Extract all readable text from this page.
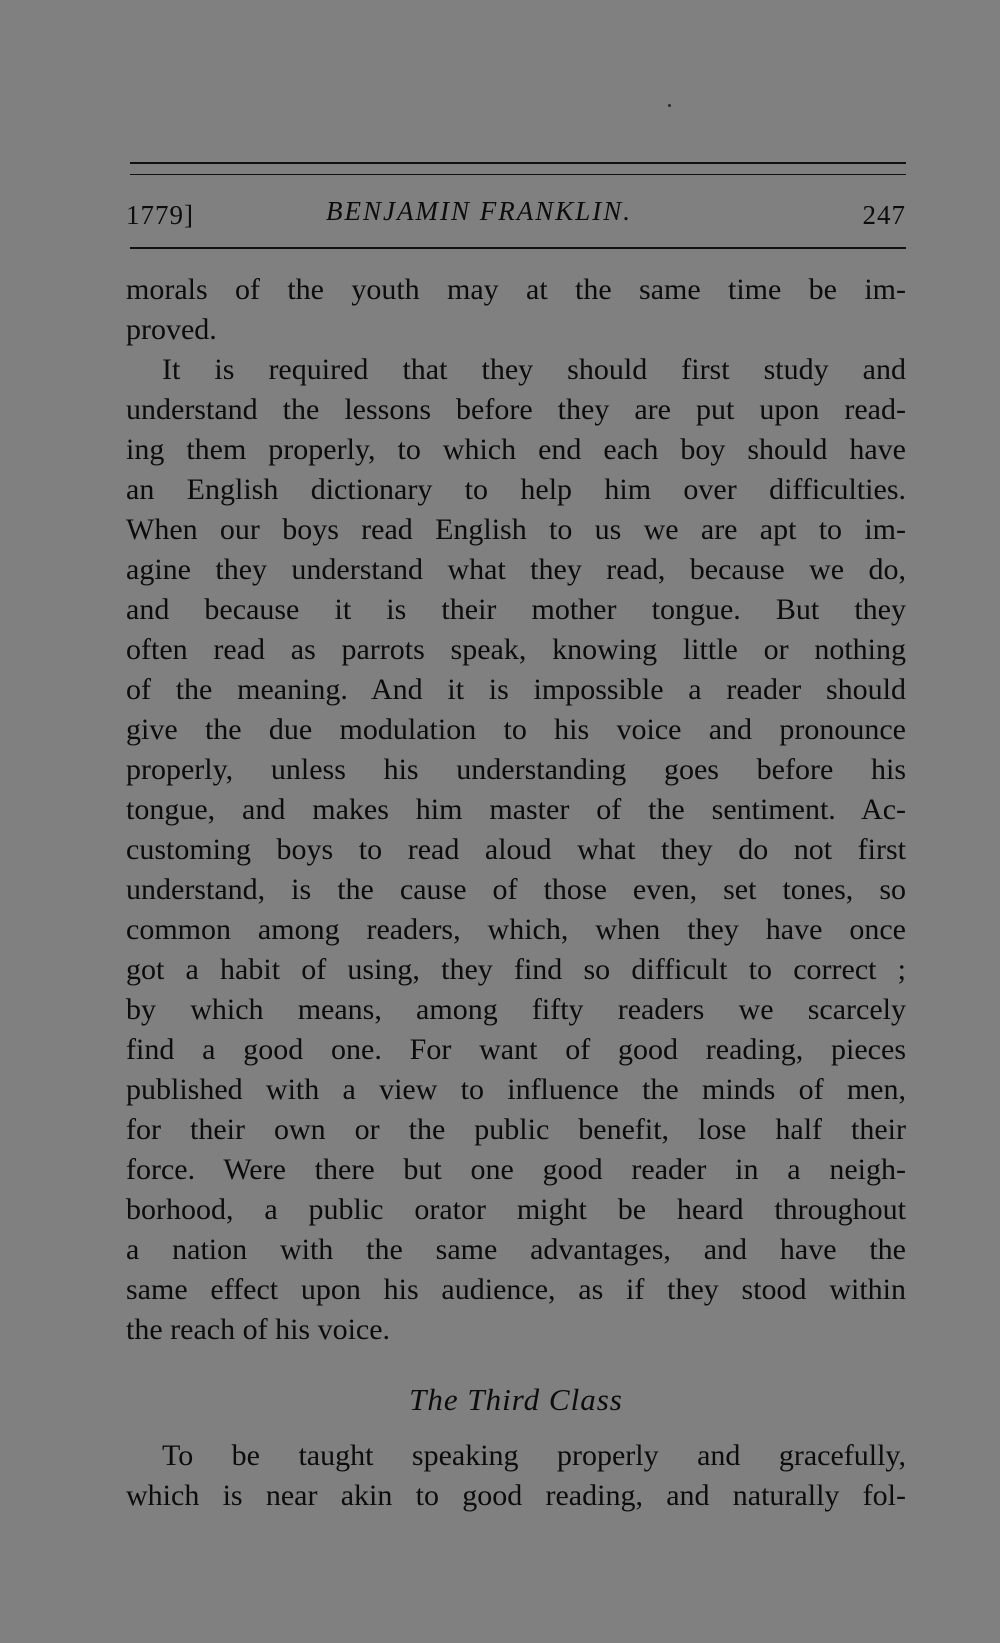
1779]	BENJAMIN FRANKLIN.	247
morals of the youth may at the same time be im-
proved.
It is required that they should first study and
understand the lessons before they are put upon read-
ing them properly, to which end each boy should have
an English dictionary to help him over difficulties.
When our boys read English to us we are apt to im-
agine they understand what they read, because we do,
and because it is their mother tongue. But they
often read as parrots speak, knowing little or nothing
of the meaning. And it is impossible a reader should
give the due modulation to his voice and pronounce
properly, unless his understanding goes before his
tongue, and makes him master of the sentiment. Ac-
customing boys to read aloud what they do not first
understand, is the cause of those even, set tones, so
common among readers, which, when they have once
got a habit of using, they find so difficult to correct ;
by which means, among fifty readers we scarcely
find a good one. For want of good reading, pieces
published with a view to influence the minds of men,
for their own or the public benefit, lose half their
force. Were there but one good reader in a neigh-
borhood, a public orator might be heard throughout
a nation with the same advantages, and have the
same effect upon his audience, as if they stood within
the reach of his voice.
The Third Class
To be taught speaking properly and gracefully,
which is near akin to good reading, and naturally fol-
